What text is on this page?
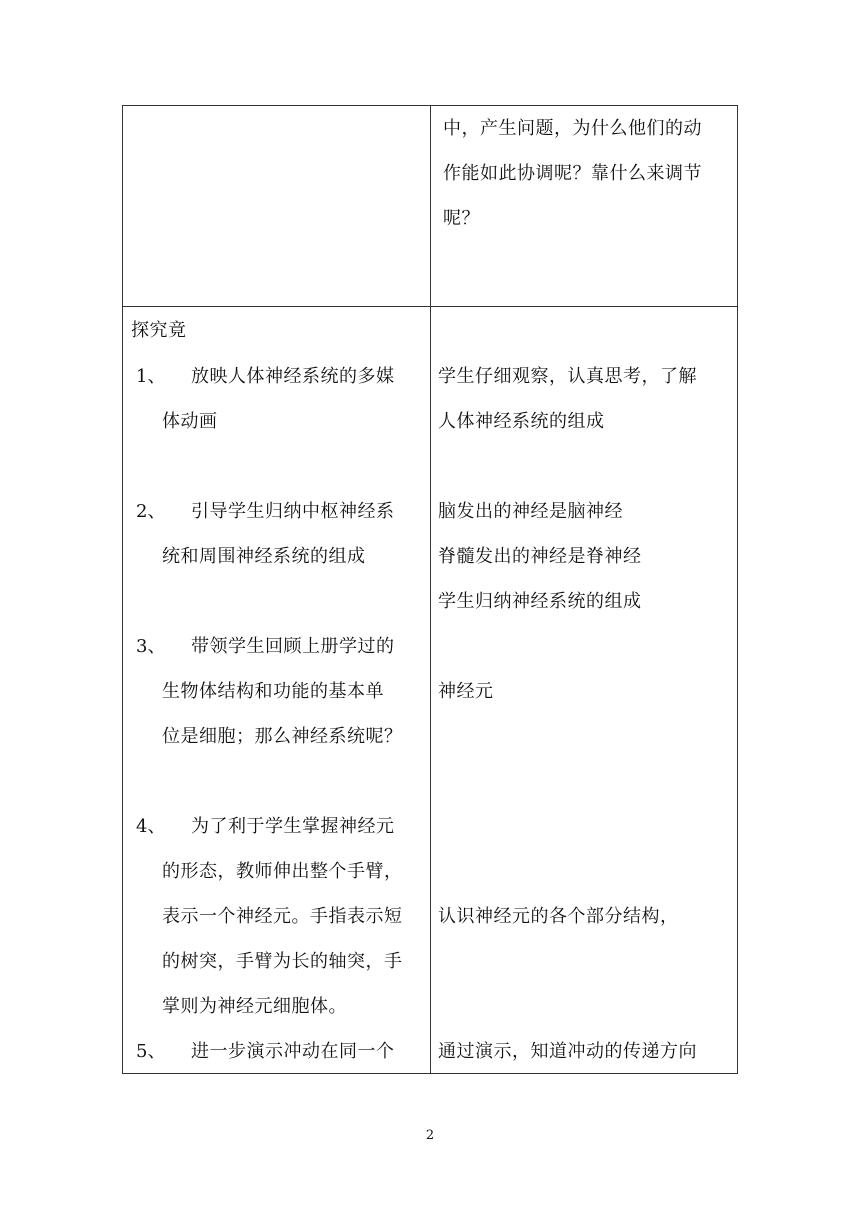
中，产生问题，为什么他们的动
作能如此协调呢？靠什么来调节
呢？
探究竟
1、 放映人体神经系统的多媒
体动画
2、 引导学生归纳中枢神经系
统和周围神经系统的组成
3、 带领学生回顾上册学过的
生物体结构和功能的基本单
位是细胞；那么神经系统呢？
4、 为了利于学生掌握神经元
的形态，教师伸出整个手臂，
表示一个神经元。手指表示短
的树突，手臂为长的轴突，手
掌则为神经元细胞体。
5、 进一步演示冲动在同一个
学生仔细观察，认真思考，了解
人体神经系统的组成
脑发出的神经是脑神经
脊髓发出的神经是脊神经
学生归纳神经系统的组成
神经元
认识神经元的各个部分结构，
通过演示，知道冲动的传递方向
2
